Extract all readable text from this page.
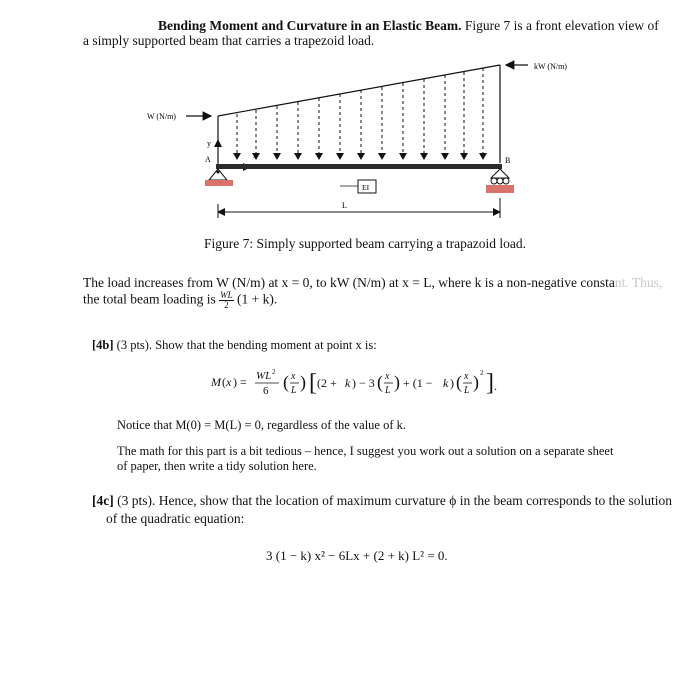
Bending Moment and Curvature in an Elastic Beam. Figure 7 is a front elevation view of
a simply supported beam that carries a trapezoid load.
W (N/m)
kW (N/m)
y
x
A	B
EI
L
Figure 7: Simply supported beam carrying a trapazoid load.
The load increases from W (N/m) at x = 0, to kW (N/m) at x = L, where k is a non-negative constant. Thus,
the total beam loading is $\frac{WL}{2} (1 + k)$.
[4b] (3 pts). Show that the bending moment at point x is:
M ( x ) = WL 2
6 ( x
L ) [ (2 + k ) − 3 ( x
L ) + (1 − k ) ( x
L ) 2 ] .
Notice that M(0) = M(L) = 0, regardless of the value of k.
The math for this part is a bit tedious – hence, I suggest you work out a solution on a separate sheet
of paper, then write a tidy solution here.
[4c] (3 pts). Hence, show that the location of maximum curvature ϕ in the beam corresponds to the solution
of the quadratic equation:
3 (1 − k) x² − 6Lx + (2 + k) L² = 0.
